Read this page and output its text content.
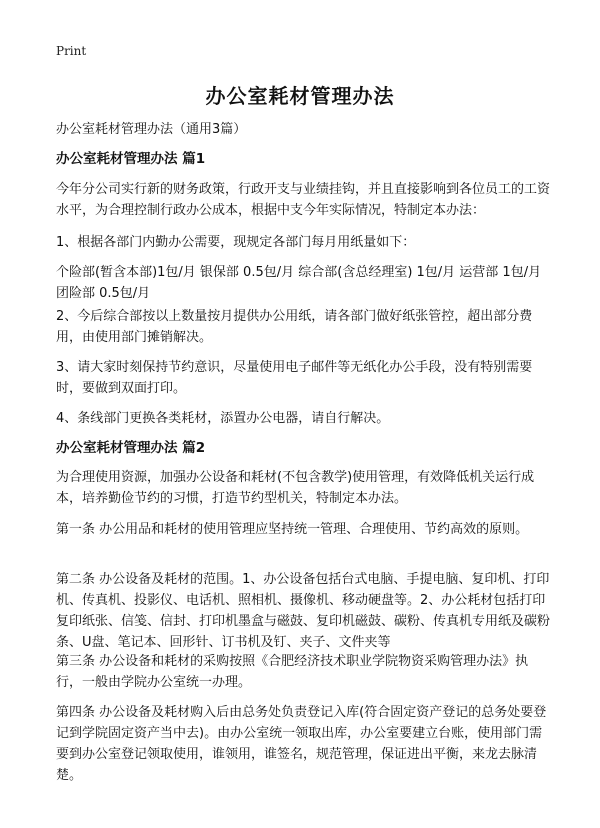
Print
办公室耗材管理办法
办公室耗材管理办法（通用3篇）
办公室耗材管理办法 篇1
今年分公司实行新的财务政策，行政开支与业绩挂钩，并且直接影响到各位员工的工资水平，为合理控制行政办公成本，根据中支今年实际情况，特制定本办法：
1、根据各部门内勤办公需要，现规定各部门每月用纸量如下：
个险部(暂含本部)1包/月 银保部 0.5包/月 综合部(含总经理室) 1包/月 运营部 1包/月 团险部 0.5包/月
2、今后综合部按以上数量按月提供办公用纸，请各部门做好纸张管控，超出部分费用，由使用部门摊销解决。
3、请大家时刻保持节约意识，尽量使用电子邮件等无纸化办公手段，没有特别需要时，要做到双面打印。
4、条线部门更换各类耗材，添置办公电器，请自行解决。
办公室耗材管理办法 篇2
为合理使用资源，加强办公设备和耗材(不包含教学)使用管理，有效降低机关运行成本，培养勤俭节约的习惯，打造节约型机关，特制定本办法。
第一条 办公用品和耗材的使用管理应坚持统一管理、合理使用、节约高效的原则。
第二条 办公设备及耗材的范围。1、办公设备包括台式电脑、手提电脑、复印机、打印机、传真机、投影仪、电话机、照相机、摄像机、移动硬盘等。2、办公耗材包括打印复印纸张、信笺、信封、打印机墨盒与磁鼓、复印机磁鼓、碳粉、传真机专用纸及碳粉条、U盘、笔记本、回形针、订书机及钉、夹子、文件夹等
第三条 办公设备和耗材的采购按照《合肥经济技术职业学院物资采购管理办法》执行，一般由学院办公室统一办理。
第四条 办公设备及耗材购入后由总务处负责登记入库(符合固定资产登记的总务处要登记到学院固定资产当中去)。由办公室统一领取出库，办公室要建立台账，使用部门需要到办公室登记领取使用，谁领用，谁签名，规范管理，保证进出平衡，来龙去脉清楚。
